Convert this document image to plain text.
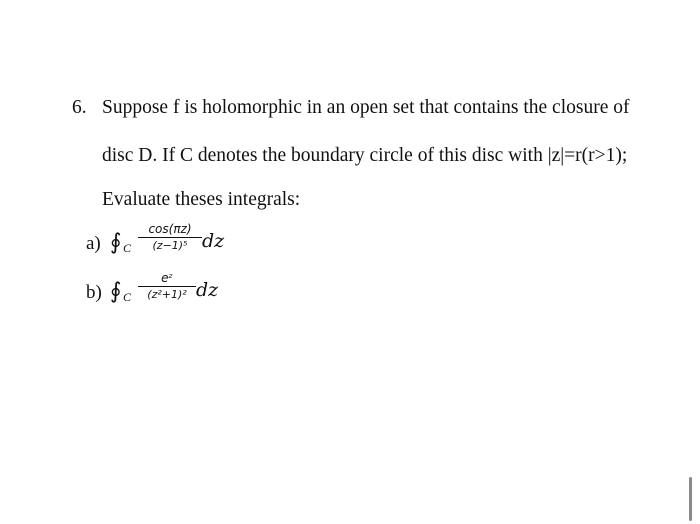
6. Suppose f is holomorphic in an open set that contains the closure of
disc D. If C denotes the boundary circle of this disc with |z|=r(r>1);
Evaluate theses integrals:
a) ∮ C
cos(πz)
(z−1)⁵ dz
b) ∮ C
eᶻ
(z²+1)² dz
